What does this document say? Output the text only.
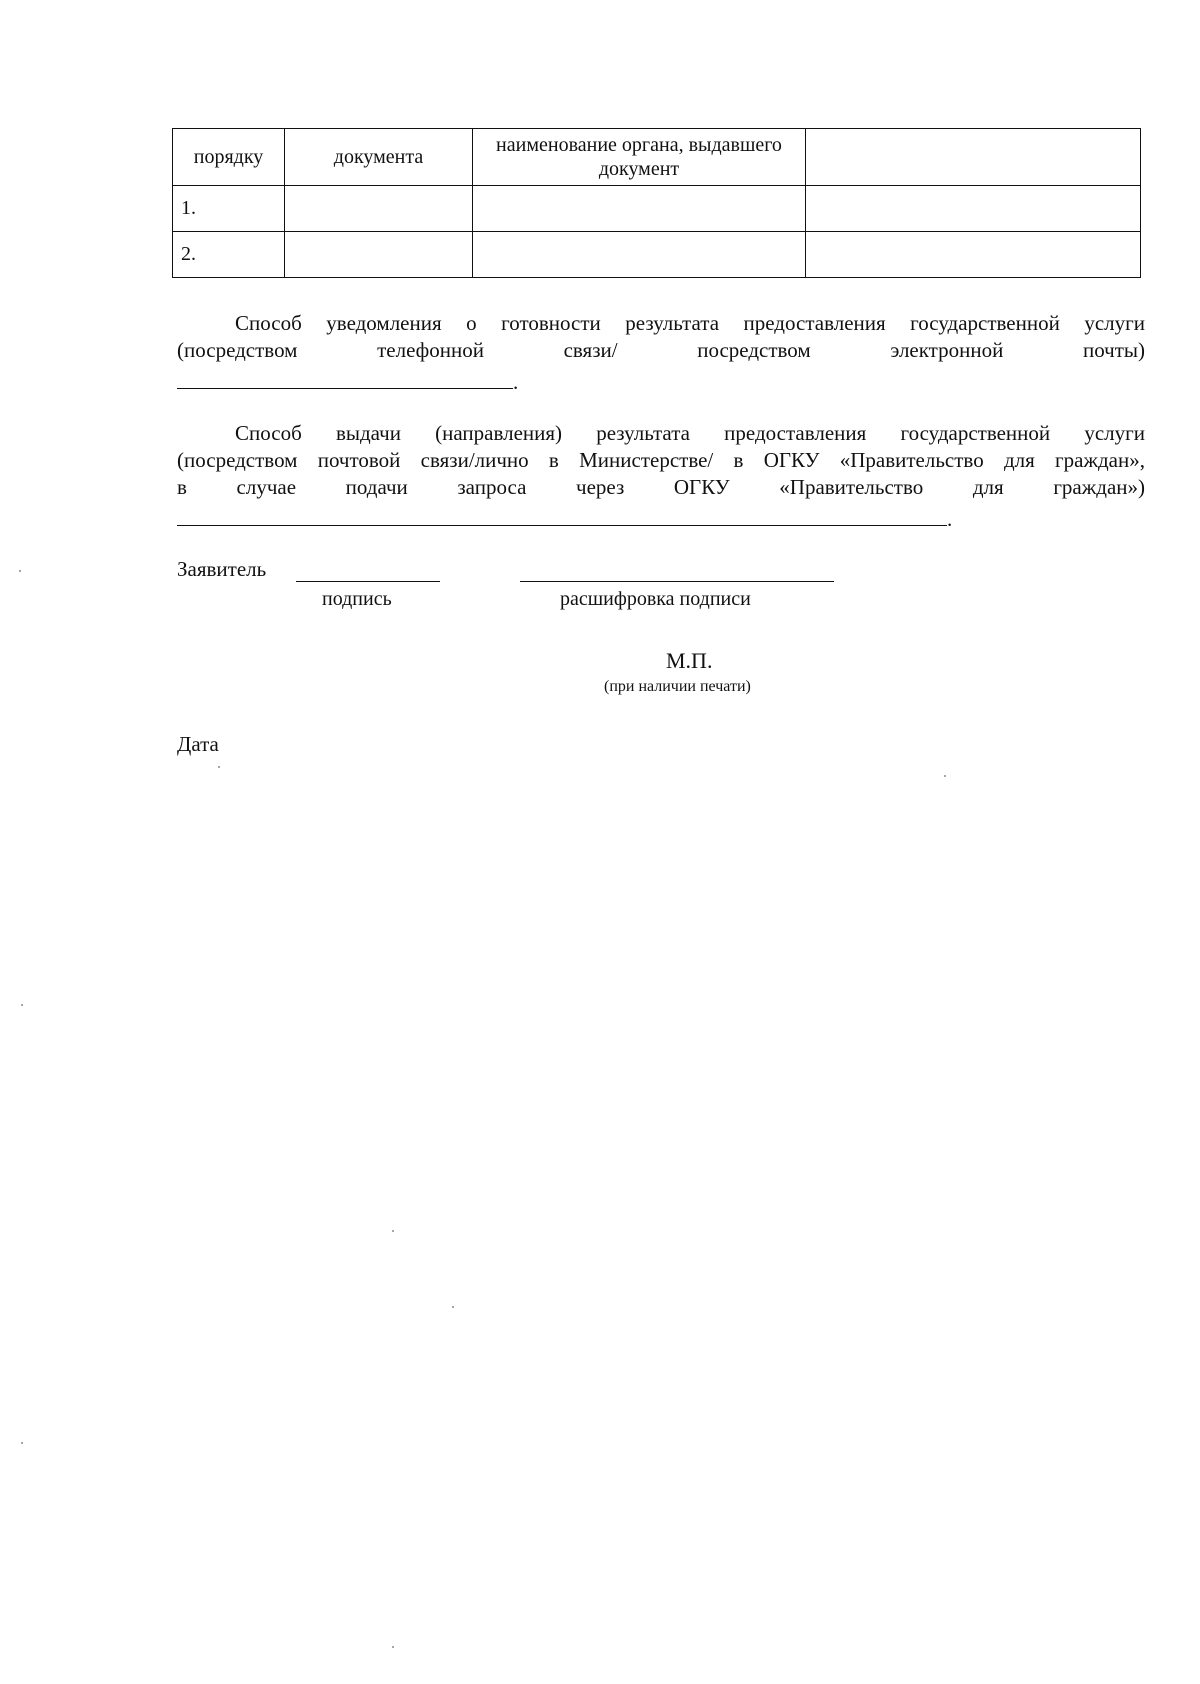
порядку	документа	наименование органа, выдавшего документ	
1.			
2.			
Способ уведомления о готовности результата предоставления государственной услуги
(посредством телефонной связи/ посредством электронной почты)
.
Способ выдачи (направления) результата предоставления государственной услуги
(посредством почтовой связи/лично в Министерстве/ в ОГКУ «Правительство для граждан»,
в случае подачи запроса через ОГКУ «Правительство для граждан»)
.
Заявитель
подпись	расшифровка подписи
М.П.
(при наличии печати)
Дата
